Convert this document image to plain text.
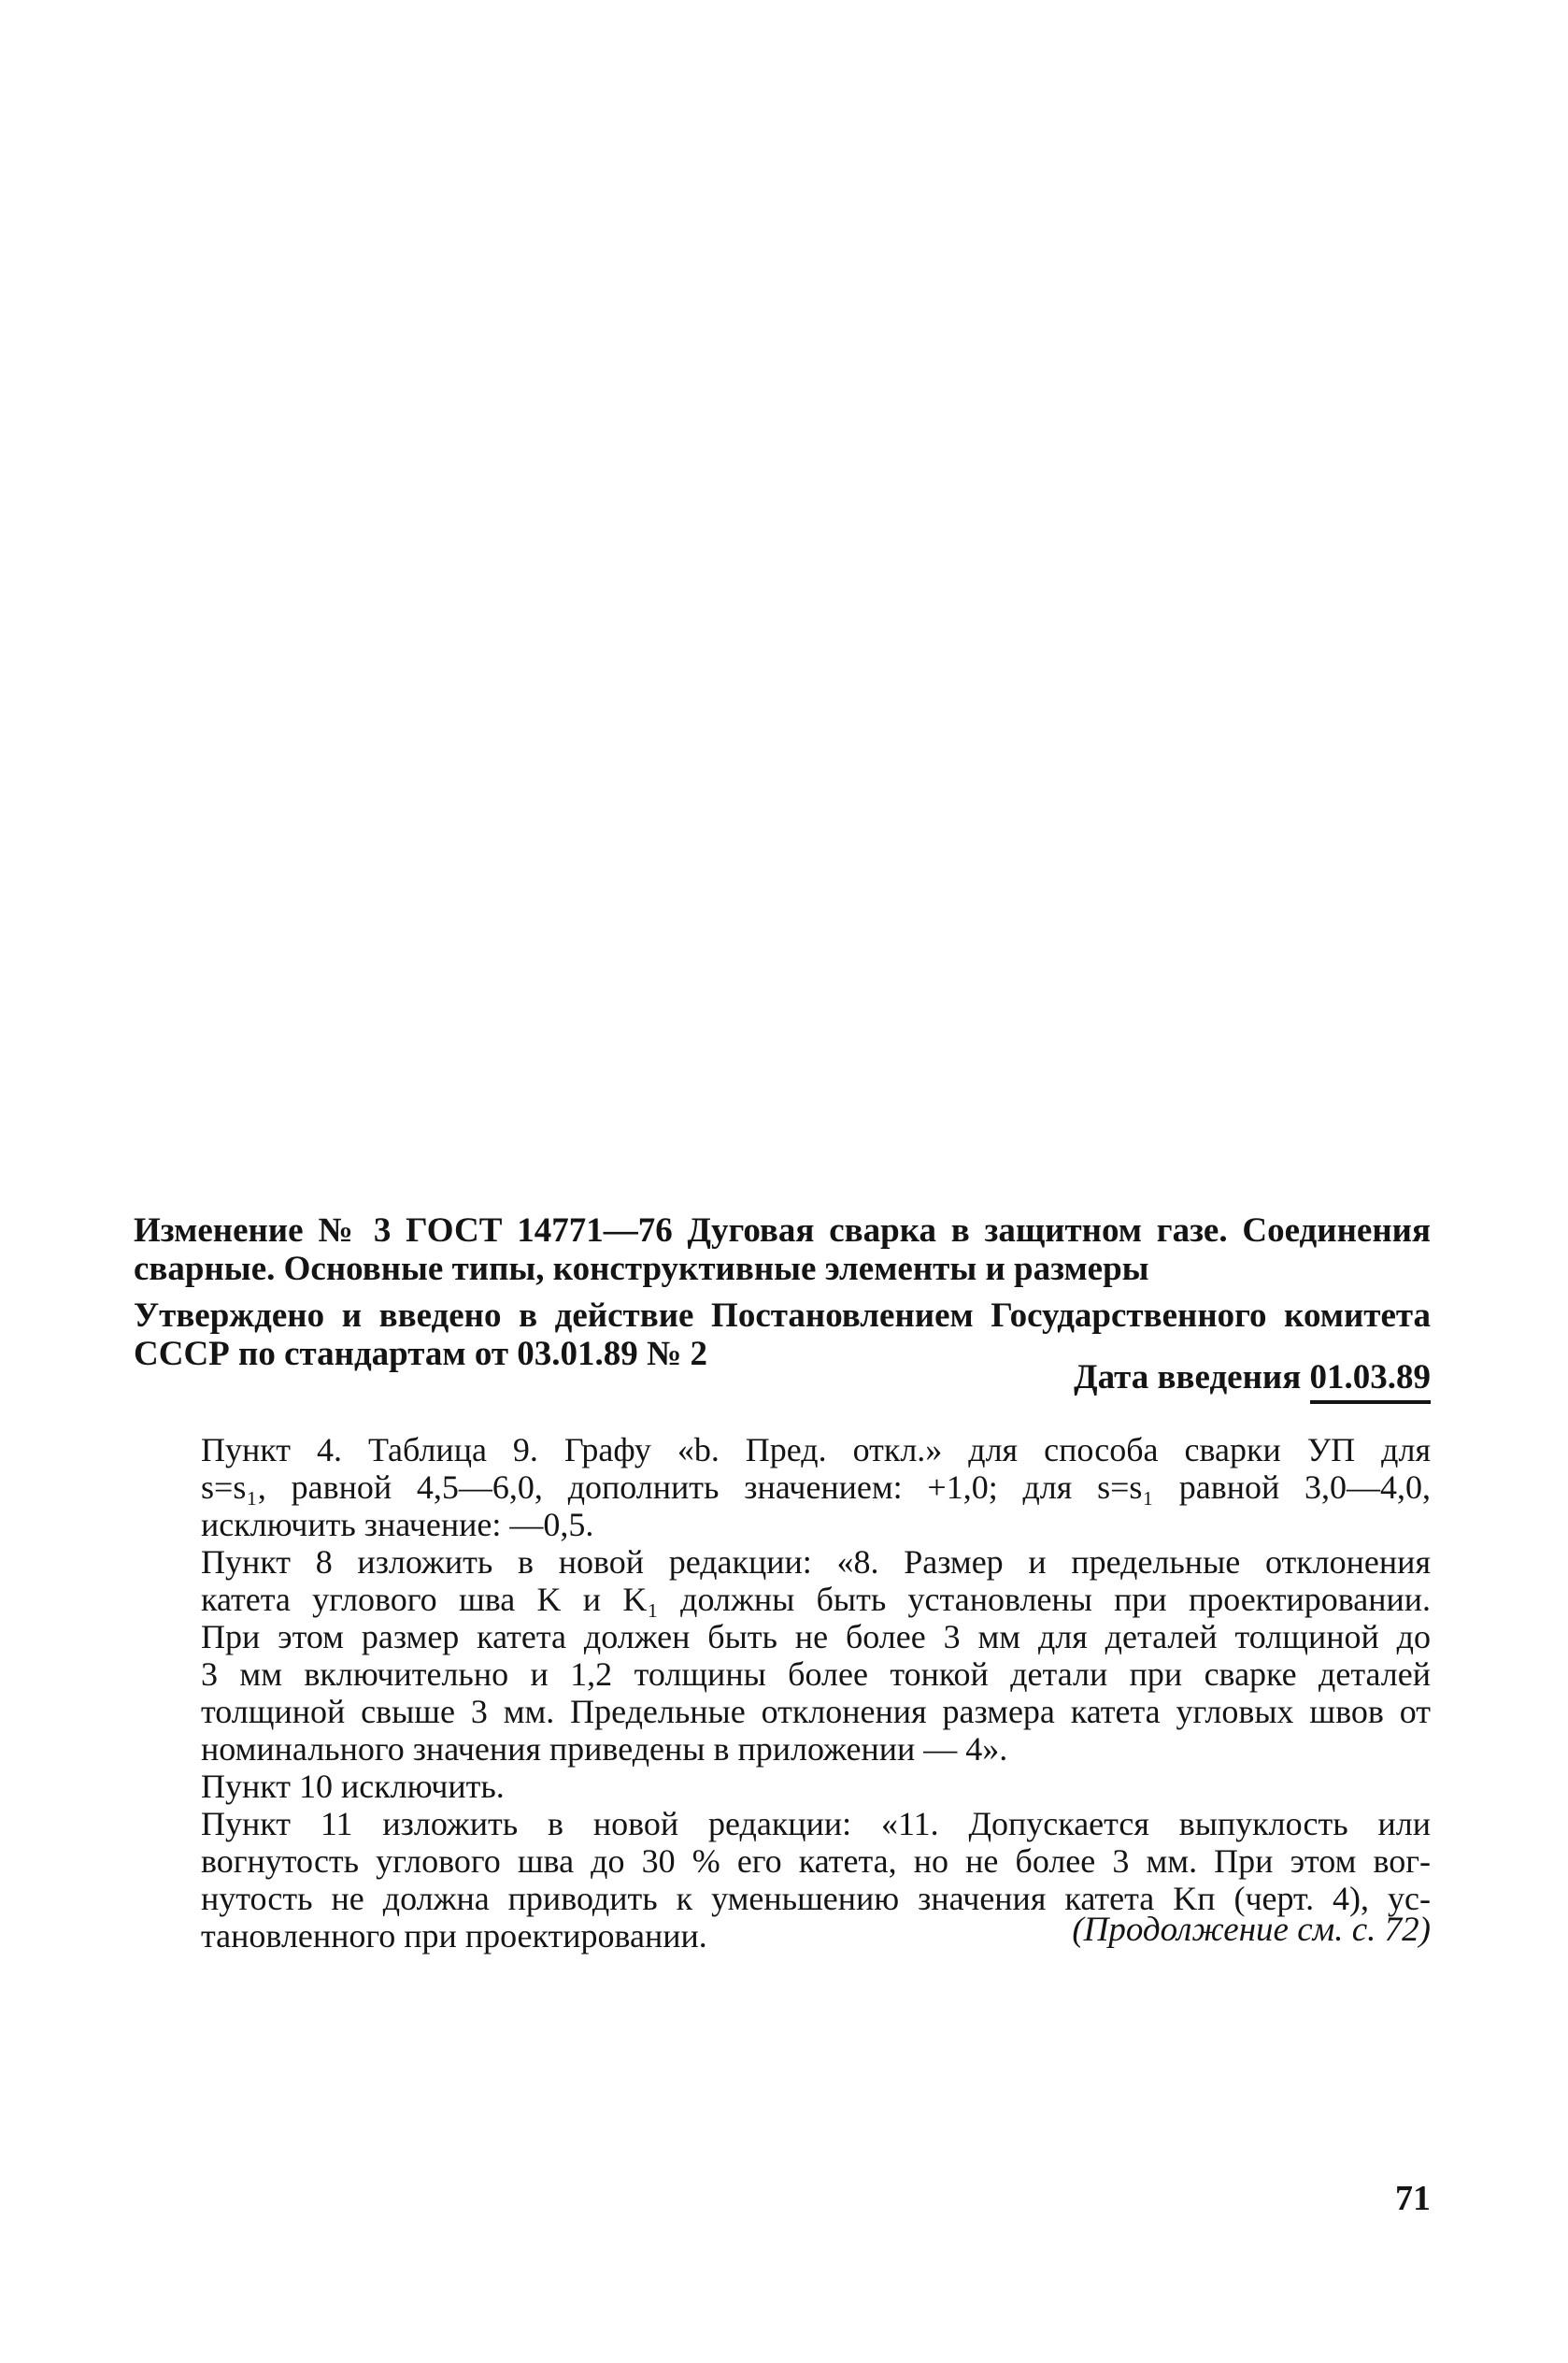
Изменение № 3 ГОСТ 14771—76 Дуговая сварка в защитном газе. Соединения сварные. Основные типы, конструктивные элементы и размеры
Утверждено и введено в действие Постановлением Государственного комитета СССР по стандартам от 03.01.89 № 2
Дата введения 01.03.89

Пункт 4. Таблица 9. Графу «b. Пред. откл.» для способа сварки УП для
s=s₁, равной 4,5—6,0, дополнить значением: +1,0; для s=s₁ равной 3,0—4,0,
исключить значение: —0,5.

Пункт 8 изложить в новой редакции: «8. Размер и предельные отклонения
катета углового шва K и K₁ должны быть установлены при проектировании.
При этом размер катета должен быть не более 3 мм для деталей толщиной до
3 мм включительно и 1,2 толщины более тонкой детали при сварке деталей
толщиной свыше 3 мм. Предельные отклонения размера катета угловых швов от
номинального значения приведены в приложении — 4».

Пункт 10 исключить.

Пункт 11 изложить в новой редакции: «11. Допускается выпуклость или
вогнутость углового шва до 30 % его катета, но не более 3 мм. При этом вог-
нутость не должна приводить к уменьшению значения катета Kп (черт. 4), ус-
тановленного при проектировании.	(Продолжение см. с. 72)
71
